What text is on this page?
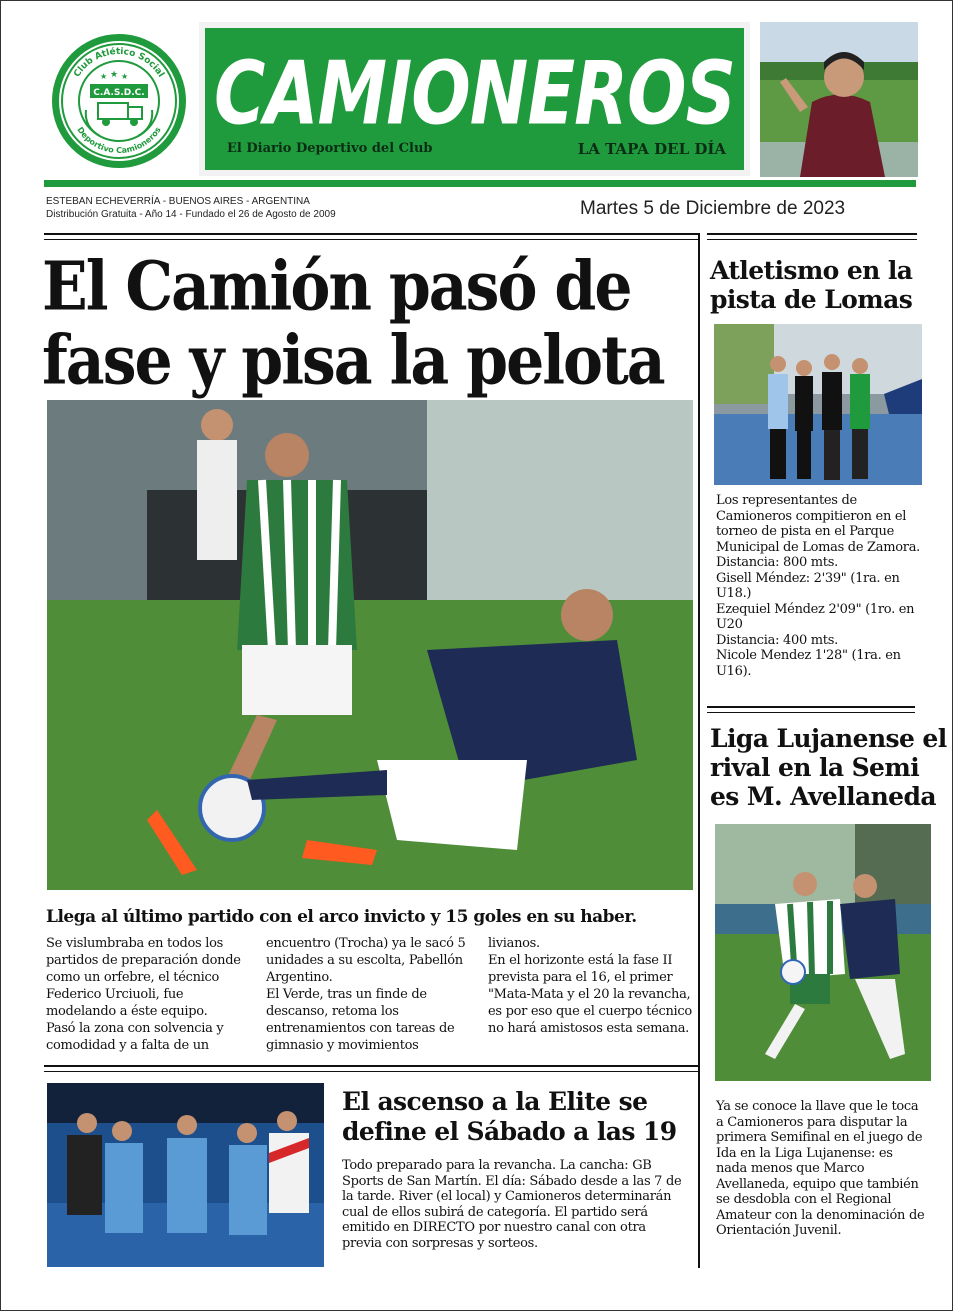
Club Atlético Social
Deportivo Camioneros
★
★ ★
C.A.S.D.C. CAMIONEROS
El Diario Deportivo del Club	LA TAPA DEL DÍA
ESTEBAN ECHEVERRÍA - BUENOS AIRES - ARGENTINA
Distribución Gratuita - Año 14 - Fundado el 26 de Agosto de 2009	Martes 5 de Diciembre de 2023
El Camión pasó de fase y pisa la pelota
Llega al último partido con el arco invicto y 15 goles en su haber.

Se vislumbraba en todos los partidos de preparación donde como un orfebre, el técnico Federico Urciuoli, fue modelando a éste equipo.

Pasó la zona con solvencia y comodidad y a falta de un

encuentro (Trocha) ya le sacó 5 unidades a su escolta, Pabellón Argentino.

El Verde, tras un finde de descanso, retoma los entrenamientos con tareas de gimnasio y movimientos

livianos.

En el horizonte está la fase II prevista para el 16, el primer "Mata-Mata y el 20 la revancha, es por eso que el cuerpo técnico no hará amistosos esta semana.

El ascenso a la Elite se define el Sábado a las 19
Todo preparado para la revancha. La cancha: GB Sports de San Martín. El día: Sábado desde a las 7 de la tarde. River (el local) y Camioneros determinarán cual de ellos subirá de categoría. El partido será emitido en DIRECTO por nuestro canal con otra previa con sorpresas y sorteos.
Atletismo en la pista de Lomas

Los representantes de Camioneros compitieron en el torneo de pista en el Parque Municipal de Lomas de Zamora.

Distancia: 800 mts.

Gisell Méndez: 2'39" (1ra. en U18.)

Ezequiel Méndez 2'09" (1ro. en U20

Distancia: 400 mts.

Nicole Mendez 1'28" (1ra. en U16).

Liga Lujanense el rival en la Semi es M. Avellaneda
Ya se conoce la llave que le toca a Camioneros para disputar la primera Semifinal en el juego de Ida en la Liga Lujanense: es nada menos que Marco Avellaneda, equipo que también se desdobla con el Regional Amateur con la denominación de Orientación Juvenil.
